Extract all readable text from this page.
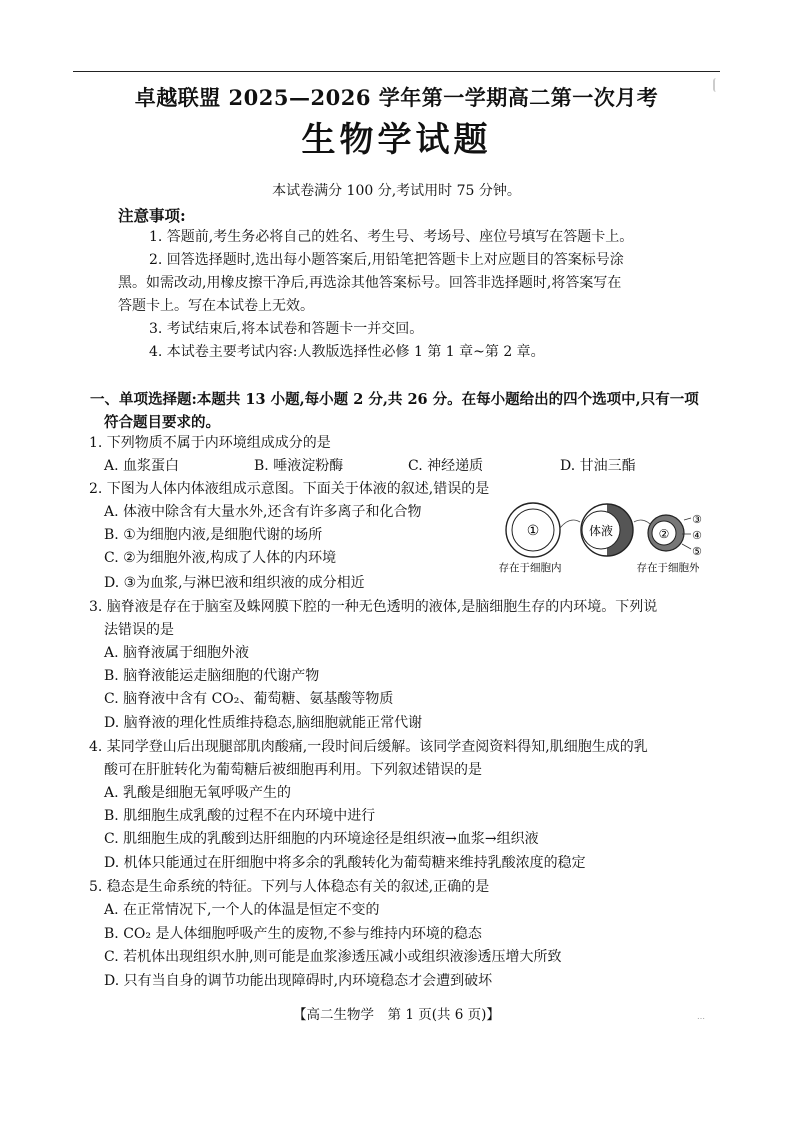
卓越联盟 2025—2026 学年第一学期高二第一次月考
生物学试题
本试卷满分 100 分,考试用时 75 分钟。
注意事项:
1. 答题前,考生务必将自己的姓名、考生号、考场号、座位号填写在答题卡上。
2. 回答选择题时,选出每小题答案后,用铅笔把答题卡上对应题目的答案标号涂
黑。如需改动,用橡皮擦干净后,再选涂其他答案标号。回答非选择题时,将答案写在
答题卡上。写在本试卷上无效。
3. 考试结束后,将本试卷和答题卡一并交回。
4. 本试卷主要考试内容:人教版选择性必修 1 第 1 章~第 2 章。
一、单项选择题:本题共 13 小题,每小题 2 分,共 26 分。在每小题给出的四个选项中,只有一项
符合题目要求的。
1. 下列物质不属于内环境组成成分的是
A. 血浆蛋白	B. 唾液淀粉酶	C. 神经递质	D. 甘油三酯
2. 下图为人体内体液组成示意图。下面关于体液的叙述,错误的是
A. 体液中除含有大量水外,还含有许多离子和化合物
B. ①为细胞内液,是细胞代谢的场所
C. ②为细胞外液,构成了人体的内环境
D. ③为血浆,与淋巴液和组织液的成分相近
①	体液	②
③
④
⑤
存在于细胞内	存在于细胞外
3. 脑脊液是存在于脑室及蛛网膜下腔的一种无色透明的液体,是脑细胞生存的内环境。下列说
法错误的是
A. 脑脊液属于细胞外液
B. 脑脊液能运走脑细胞的代谢产物
C. 脑脊液中含有 CO₂、葡萄糖、氨基酸等物质
D. 脑脊液的理化性质维持稳态,脑细胞就能正常代谢
4. 某同学登山后出现腿部肌肉酸痛,一段时间后缓解。该同学查阅资料得知,肌细胞生成的乳
酸可在肝脏转化为葡萄糖后被细胞再利用。下列叙述错误的是
A. 乳酸是细胞无氧呼吸产生的
B. 肌细胞生成乳酸的过程不在内环境中进行
C. 肌细胞生成的乳酸到达肝细胞的内环境途径是组织液→血浆→组织液
D. 机体只能通过在肝细胞中将多余的乳酸转化为葡萄糖来维持乳酸浓度的稳定
5. 稳态是生命系统的特征。下列与人体稳态有关的叙述,正确的是
A. 在正常情况下,一个人的体温是恒定不变的
B. CO₂ 是人体细胞呼吸产生的废物,不参与维持内环境的稳态
C. 若机体出现组织水肿,则可能是血浆渗透压减小或组织液渗透压增大所致
D. 只有当自身的调节功能出现障碍时,内环境稳态才会遭到破坏
【高二生物学　第 1 页(共 6 页)】	…
